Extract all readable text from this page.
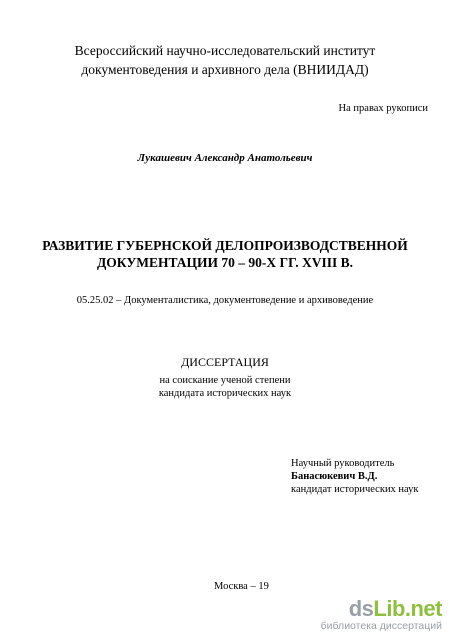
Всероссийский научно-исследовательский институт
документоведения и архивного дела (ВНИИДАД)
На правах рукописи
Лукашевич Александр Анатольевич
РАЗВИТИЕ ГУБЕРНСКОЙ ДЕЛОПРОИЗВОДСТВЕННОЙ
ДОКУМЕНТАЦИИ 70 – 90-Х ГГ. XVIII В.
05.25.02 – Документалистика, документоведение и архивоведение
ДИССЕРТАЦИЯ
на соискание ученой степени
кандидата исторических наук
Научный руководитель
Банасюкевич В.Д.
кандидат исторических наук
Москва – 19
ds Lib.net
библиотека диссертаций
